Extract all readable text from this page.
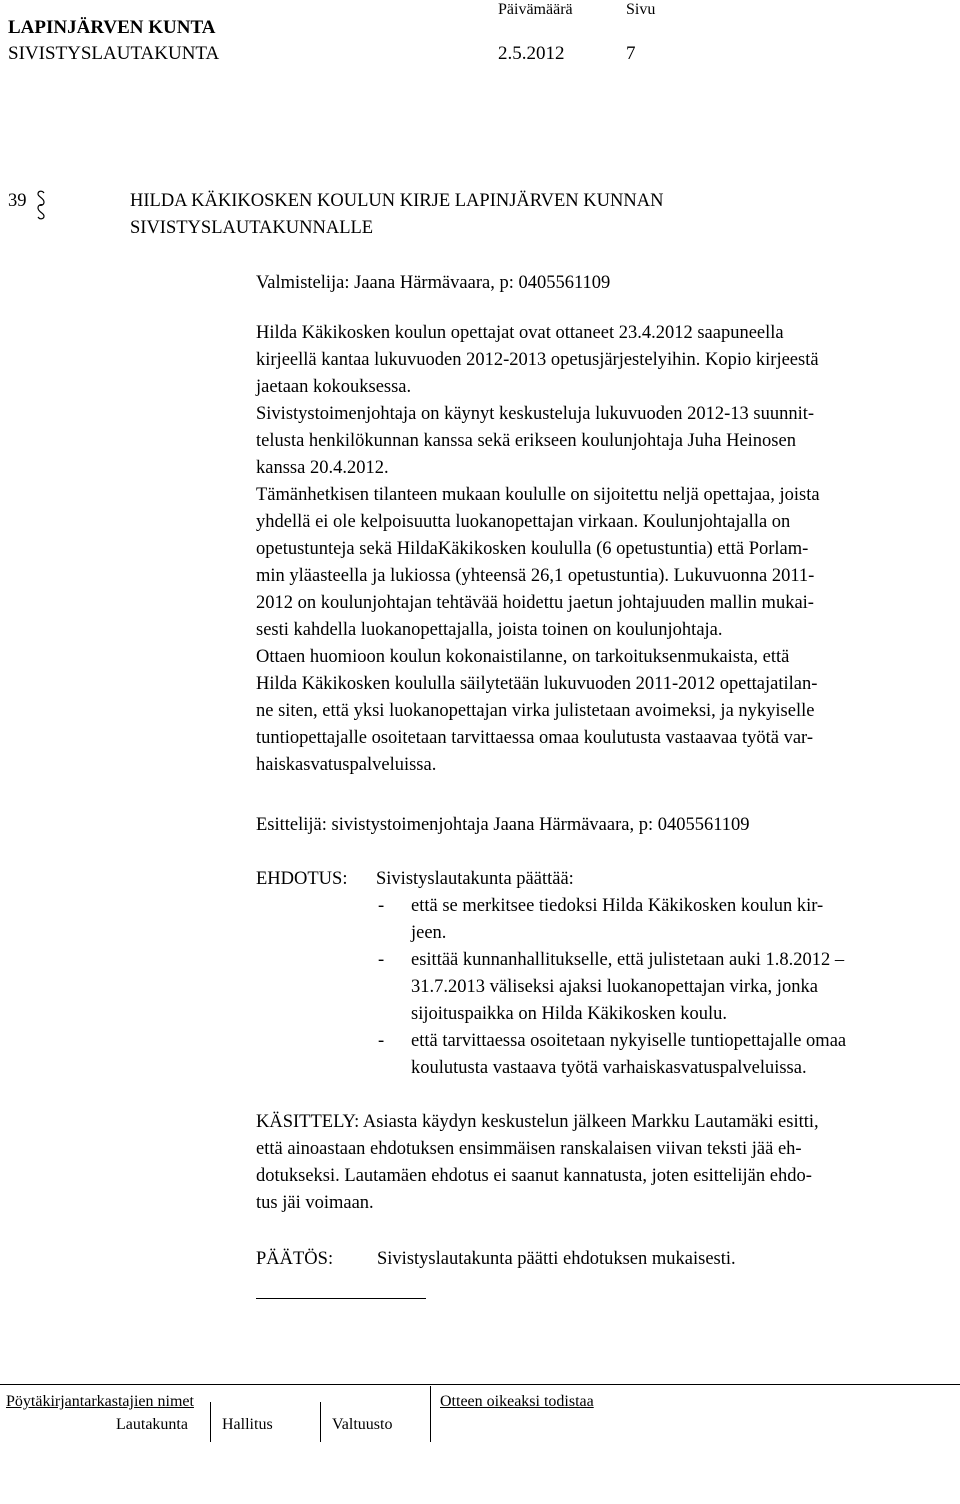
LAPINJÄRVEN KUNTA
SIVISTYSLAUTAKUNTA
Päivämäärä
2.5.2012
Sivu
7
39	HILDA KÄKIKOSKEN KOULUN KIRJE LAPINJÄRVEN KUNNAN
SIVISTYSLAUTAKUNNALLE
Valmistelija: Jaana Härmävaara, p: 0405561109
Hilda Käkikosken koulun opettajat ovat ottaneet 23.4.2012 saapuneella
kirjeellä kantaa lukuvuoden 2012-2013 opetusjärjestelyihin. Kopio kirjeestä
jaetaan kokouksessa.
Sivistystoimenjohtaja on käynyt keskusteluja lukuvuoden 2012-13 suunnit-
telusta henkilökunnan kanssa sekä erikseen koulunjohtaja Juha Heinosen
kanssa 20.4.2012.
Tämänhetkisen tilanteen mukaan koululle on sijoitettu neljä opettajaa, joista
yhdellä ei ole kelpoisuutta luokanopettajan virkaan. Koulunjohtajalla on
opetustunteja sekä HildaKäkikosken koululla (6 opetustuntia) että Porlam-
min yläasteella ja lukiossa (yhteensä 26,1 opetustuntia). Lukuvuonna 2011-
2012 on koulunjohtajan tehtävää hoidettu jaetun johtajuuden mallin mukai-
sesti kahdella luokanopettajalla, joista toinen on koulunjohtaja.
Ottaen huomioon koulun kokonaistilanne, on tarkoituksenmukaista, että
Hilda Käkikosken koululla säilytetään lukuvuoden 2011-2012 opettajatilan-
ne siten, että yksi luokanopettajan virka julistetaan avoimeksi, ja nykyiselle
tuntiopettajalle osoitetaan tarvittaessa omaa koulutusta vastaavaa työtä var-
haiskasvatuspalveluissa.
Esittelijä: sivistystoimenjohtaja Jaana Härmävaara, p: 0405561109
EHDOTUS: Sivistyslautakunta päättää:
- että se merkitsee tiedoksi Hilda Käkikosken koulun kir-
jeen.
- esittää kunnanhallitukselle, että julistetaan auki 1.8.2012 –
31.7.2013 väliseksi ajaksi luokanopettajan virka, jonka
sijoituspaikka on Hilda Käkikosken koulu.
- että tarvittaessa osoitetaan nykyiselle tuntiopettajalle omaa
koulutusta vastaava työtä varhaiskasvatuspalveluissa.
KÄSITTELY: Asiasta käydyn keskustelun jälkeen Markku Lautamäki esitti,
että ainoastaan ehdotuksen ensimmäisen ranskalaisen viivan teksti jää eh-
dotukseksi. Lautamäen ehdotus ei saanut kannatusta, joten esittelijän ehdo-
tus jäi voimaan.
PÄÄTÖS: Sivistyslautakunta päätti ehdotuksen mukaisesti.
Pöytäkirjantarkastajien nimet	Otteen oikeaksi todistaa
Lautakunta Hallitus	Valtuusto
